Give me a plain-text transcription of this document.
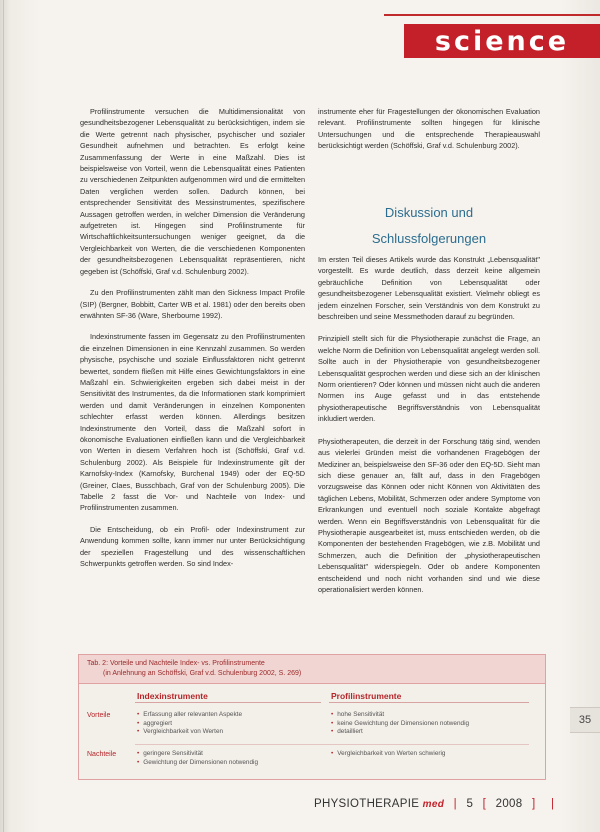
science

Profilinstrumente versuchen die Multidimensionalität von gesundheitsbezogener Lebensqualität zu berücksichtigen, indem sie die Werte getrennt nach physischer, psychischer und sozialer Gesundheit aufnehmen und betrachten. Es erfolgt keine Zusammenfassung der Werte in eine Maßzahl. Dies ist beispielsweise von Vorteil, wenn die Lebensqualität eines Patienten zu verschiedenen Zeitpunkten aufgenommen wird und die ermittelten Daten verglichen werden sollen. Dadurch können, bei entsprechender Sensitivität des Messinstrumentes, spezifischere Aussagen getroffen werden, in welcher Dimension die Veränderung aufgetreten ist. Hingegen sind Profilinstrumente für Wirtschaftlichkeitsuntersuchungen weniger geeignet, da die Vergleichbarkeit von Werten, die die verschiedenen Komponenten der gesundheitsbezogenen Lebensqualität repräsentieren, nicht gegeben ist (Schöffski, Graf v.d. Schulenburg 2002).

Zu den Profilinstrumenten zählt man den Sickness Impact Profile (SIP) (Bergner, Bobbitt, Carter WB et al. 1981) oder den bereits oben erwähnten SF-36 (Ware, Sherbourne 1992).

Indexinstrumente fassen im Gegensatz zu den Profilinstrumenten die einzelnen Dimensionen in eine Kennzahl zusammen. So werden physische, psychische und soziale Einflussfaktoren nicht getrennt bewertet, sondern fließen mit Hilfe eines Gewichtungsfaktors in eine Maßzahl ein. Schwierigkeiten ergeben sich dabei meist in der Sensitivität des Instrumentes, da die Informationen stark komprimiert werden und damit Veränderungen in einzelnen Komponenten schlechter erfasst werden können. Allerdings besitzen Indexinstrumente den Vorteil, dass die Maßzahl sofort in ökonomische Evaluationen einfließen kann und die Vergleichbarkeit von Werten in diesem Verfahren hoch ist (Schöffski, Graf v.d. Schulenburg 2002). Als Beispiele für Indexinstrumente gilt der Karnofsky-Index (Karnofsky, Burchenal 1949) oder der EQ-5D (Greiner, Claes, Busschbach, Graf von der Schulenburg 2005). Die Tabelle 2 fasst die Vor- und Nachteile von Index- und Profilinstrumenten zusammen.

Die Entscheidung, ob ein Profil- oder Indexinstrument zur Anwendung kommen sollte, kann immer nur unter Berücksichtigung der speziellen Fragestellung und des wissenschaftlichen Schwerpunkts getroffen werden. So sind Index-

instrumente eher für Fragestellungen der ökonomischen Evaluation relevant. Profilinstrumente sollten hingegen für klinische Untersuchungen und die entsprechende Therapieauswahl berücksichtigt werden (Schöffski, Graf v.d. Schulenburg 2002).

Diskussion und
Schlussfolgerungen

Im ersten Teil dieses Artikels wurde das Konstrukt „Lebensqualität" vorgestellt. Es wurde deutlich, dass derzeit keine allgemein gebräuchliche Definition von Lebensqualität oder gesundheitsbezogener Lebensqualität existiert. Vielmehr obliegt es jedem einzelnen Forscher, sein Verständnis von dem Konstrukt zu beschreiben und seine Messmethoden darauf zu begründen.

Prinzipiell stellt sich für die Physiotherapie zunächst die Frage, an welche Norm die Definition von Lebensqualität angelegt werden soll. Sollte auch in der Physiotherapie von gesundheitsbezogener Lebensqualität gesprochen werden und diese sich an der klinischen Norm orientieren? Oder können und müssen nicht auch die anderen Normen ins Auge gefasst und in das entstehende physiotherapeutische Begriffsverständnis von Lebensqualität inkludiert werden.

Physiotherapeuten, die derzeit in der Forschung tätig sind, wenden aus vielerlei Gründen meist die vorhandenen Fragebögen der Mediziner an, beispielsweise den SF-36 oder den EQ-5D. Sieht man sich diese genauer an, fällt auf, dass in den Fragebögen vorzugsweise das Können oder nicht Können von Aktivitäten des täglichen Lebens, Mobilität, Schmerzen oder andere Symptome von Erkrankungen und eventuell noch soziale Kontakte abgefragt werden. Wenn ein Begriffsverständnis von Lebensqualität für die Physiotherapie ausgearbeitet ist, muss entschieden werden, ob die Komponenten der bestehenden Fragebögen, wie z.B. Mobilität und Schmerzen, auch die Definition der „physiotherapeutischen Lebensqualität" widerspiegeln. Oder ob andere Komponenten entscheidend und noch nicht vorhanden sind und wie diese operationalisiert werden können.

Tab. 2: Vorteile und Nachteile Index- vs. Profilinstrumente
(in Anlehnung an Schöffski, Graf v.d. Schulenburg 2002, S. 269)
Indexinstrumente	Profilinstrumente
Vorteile
Nachteile
• Erfassung aller relevanten Aspekte
• aggregiert
• Vergleichbarkeit von Werten
• hohe Sensitivität
• keine Gewichtung der Dimensionen notwendig
• detailliert
• geringere Sensitivität
• Gewichtung der Dimensionen notwendig
• Vergleichbarkeit von Werten schwierig
35
PHYSIOTHERAPIE med | 5 [ 2008 ] |
